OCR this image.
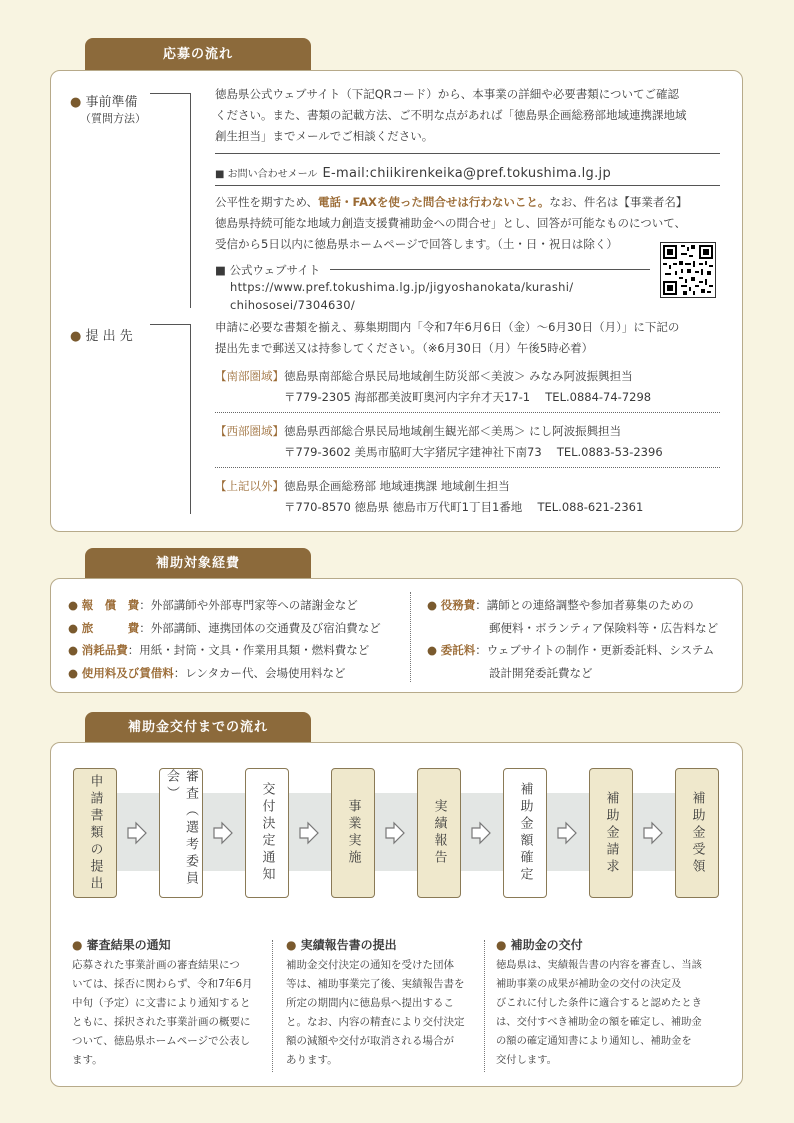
応募の流れ
● 事前準備
（質問方法）
徳島県公式ウェブサイト（下記QRコード）から、本事業の詳細や必要書類についてご確認
ください。また、書類の記載方法、ご不明な点があれば「徳島県企画総務部地域連携課地域
創生担当」までメールでご相談ください。
■ お問い合わせメール E-mail:chiikirenkeika@pref.tokushima.lg.jp
公平性を期すため、電話・FAXを使った問合せは行わないこと。なお、件名は【事業者名】
徳島県持続可能な地域力創造支援費補助金への問合せ」とし、回答が可能なものについて、
受信から5日以内に徳島県ホームページで回答します。（土・日・祝日は除く）
■ 公式ウェブサイト
https://www.pref.tokushima.lg.jp/jigyoshanokata/kurashi/
chihososei/7304630/
● 提 出 先
申請に必要な書類を揃え、募集期間内「令和7年6月6日（金）～6月30日（月）」に下記の
提出先まで郵送又は持参してください。（※6月30日（月）午後5時必着）
【南部圏域】徳島県南部総合県民局地域創生防災部＜美波＞ みなみ阿波振興担当
〒779-2305 海部郡美波町奥河内字弁才天17-1　 TEL.0884-74-7298
【西部圏域】徳島県西部総合県民局地域創生観光部＜美馬＞ にし阿波振興担当
〒779-3602 美馬市脇町大字猪尻字建神社下南73　 TEL.0883-53-2396
【上記以外】徳島県企画総務部 地域連携課 地域創生担当
〒770-8570 徳島県 徳島市万代町1丁目1番地　 TEL.088-621-2361
補助対象経費
● 報　償　費：外部講師や外部専門家等への諸謝金など
● 旅　　　費：外部講師、連携団体の交通費及び宿泊費など
● 消耗品費：用紙・封筒・文具・作業用具類・燃料費など
● 使用料及び賃借料：レンタカー代、会場使用料など
● 役務費：講師との連絡調整や参加者募集のための
郵便料・ボランティア保険料等・広告料など
● 委託料：ウェブサイトの制作・更新委託料、システム
設計開発委託費など
補助金交付までの流れ
申請書類の提出	審査（選考委員会）	交付決定通知	事業実施	実績報告	補助金額確定	補助金請求	補助金受領
● 審査結果の通知
応募された事業計画の審査結果につ
いては、採否に関わらず、令和7年6月
中旬（予定）に文書により通知すると
ともに、採択された事業計画の概要に
ついて、徳島県ホームページで公表し
ます。
● 実績報告書の提出
補助金交付決定の通知を受けた団体
等は、補助事業完了後、実績報告書を
所定の期間内に徳島県へ提出するこ
と。なお、内容の精査により交付決定
額の減額や交付が取消される場合が
あります。
● 補助金の交付
徳島県は、実績報告書の内容を審査し、当該
補助事業の成果が補助金の交付の決定及
びこれに付した条件に適合すると認めたとき
は、交付すべき補助金の額を確定し、補助金
の額の確定通知書により通知し、補助金を
交付します。
